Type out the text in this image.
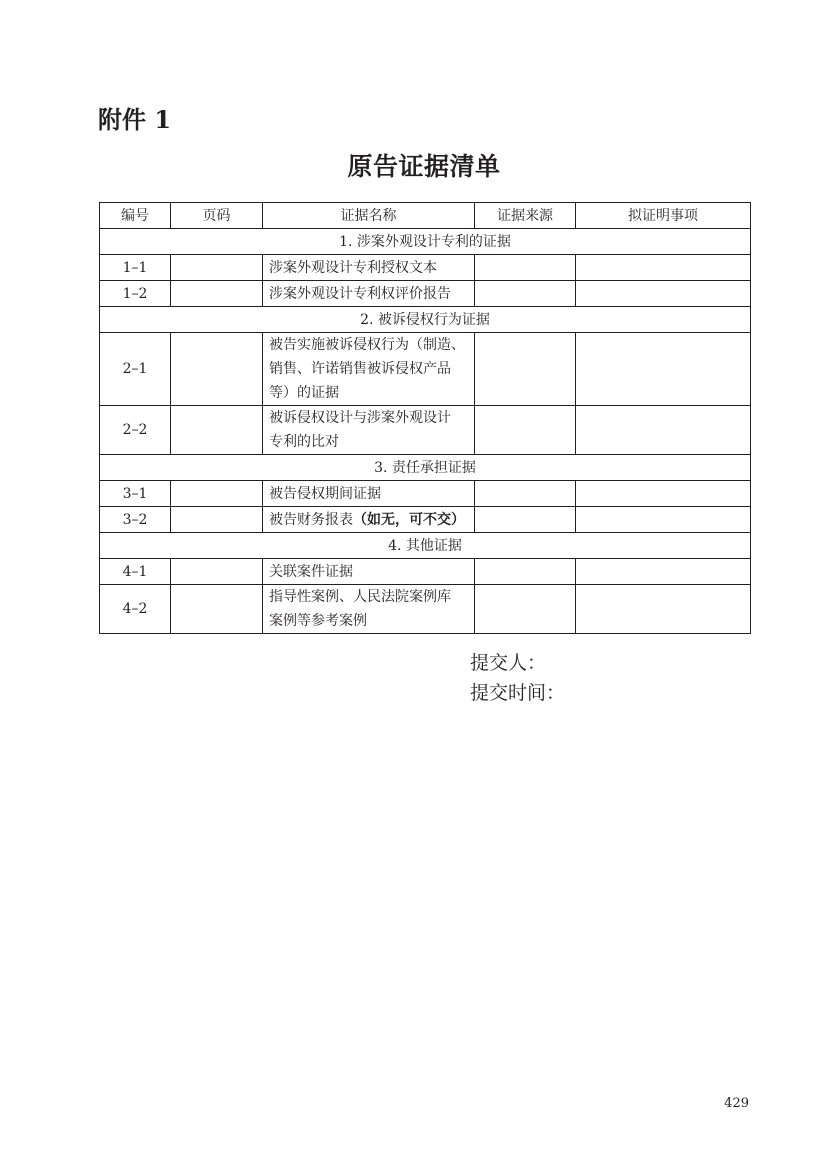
附件 1
原告证据清单
编号	页码	证据名称	证据来源	拟证明事项
1. 涉案外观设计专利的证据				
1–1		涉案外观设计专利授权文本		

1–2		涉案外观设计专利权评价报告		

2. 被诉侵权行为证据				
2–1		被告实施被诉侵权行为（制造、
销售、许诺销售被诉侵权产品
等）的证据		

2–2		被诉侵权设计与涉案外观设计
专利的比对		

3. 责任承担证据				
3–1		被告侵权期间证据		

3–2		被告财务报表（如无，可不交）		

4. 其他证据				
4–1		关联案件证据		

4–2		指导性案例、人民法院案例库
案例等参考案例		

提交人：
提交时间：
429
